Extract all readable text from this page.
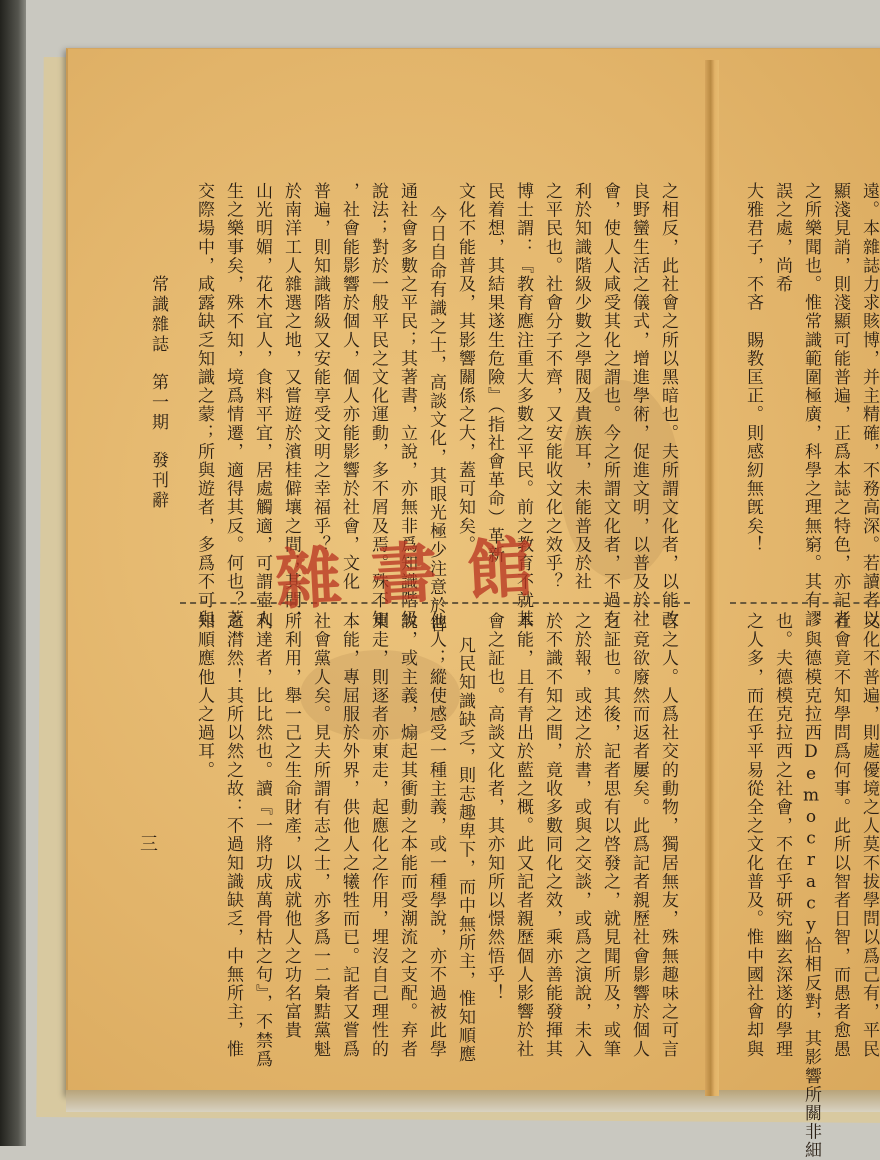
常識雜誌第一期發刊辭
三
之相反，此社會之所以黑暗也。夫所謂文化者，以能改
良野蠻生活之儀式，增進學術，促進文明，以普及於社
會，使人人咸受其化之謂也。今之所謂文化者，不過有
利於知識階級少數之學閥及貴族耳，未能普及於社
之平民也。社會分子不齊，又安能收文化之效乎？
博士謂：『教育應注重大多數之平民。前之教育不就其
民着想，其結果遂生危險』（指社會革命）革新
文化不能普及，其影響關係之大，蓋可知矣。
今日自命有識之士，高談文化，其眼光極少注意於普
通社會多數之平民；其著書，立說，亦無非爲知識階級
說法；對於一般平民之文化運動，多不屑及焉。殊不知
，社會能影響於個人，個人亦能影響於社會，文化
普遍，則知識階級又安能享受文明之幸福乎？
於南洋工人雜選之地，又嘗遊於濱桂僻壤之間；其間，
山光明媚，花木宜人，食料平宜，居處觸適，可謂壺人
生之樂事矣，殊不知，境爲情遷，適得其反。何也？蓋
交際場中，咸露缺乏知識之蒙；所與遊者，多爲不可與
言之人。人爲社交的動物，獨居無友，殊無趣味之可言
，竟欲廢然而返者屢矣。此爲記者親歷社會影響於個人
之証也。其後，記者思有以啓發之，就見聞所及，或筆
之於報，或述之於書，或與之交談，或爲之演說，未入
於不識不知之間，竟收多數同化之效，乘亦善能發揮其
本能，且有青出於藍之概。此又記者親歷個人影響於社
會之証也。高談文化者，其亦知所以憬然悟乎！
凡民知識缺乏，則志趣卑下，而中無所主，惟知順應
他人；縱使感受一種主義，或一種學說，亦不過被此學
說，或主義，煽起其衝動之本能而受潮流之支配。弃者
東走，則逐者亦東走，起應化之作用，埋沒自己理性的
本能，專屈服於外界，供他人之犧牲而已。記者又嘗爲
社會黨人矣。見夫所謂有志之士，亦多爲一二梟黠黨魁
所利用，舉一己之生命財產，以成就他人之功名富貴
利達者，比比然也。讀『一將功成萬骨枯之句』，不禁爲
之潸然！其所以然之故：不過知識缺乏，中無所主，惟
知順應他人之過耳。
遠。本雜誌力求賅博，并主精確，不務高深。若讀者以
顯淺見誚，則淺顯可能普遍，正爲本誌之特色，亦記者
之所樂聞也。惟常識範圍極廣，科學之理無窮。其有謬
誤之處，尚希
大雅君子，不吝　賜教匡正。則感紉無旣矣！
文化不普遍，則處優境之人莫不拔學問以爲己有，平民
社會竟不知學問爲何事。此所以智者日智，而愚者愈愚
；與德模克拉西Democracy恰相反對，其影響所關非細
也。夫德模克拉西之社會，不在乎研究幽玄深遂的學理
之人多，而在乎平易從全之文化普及。惟中國社會却與
雜書館
